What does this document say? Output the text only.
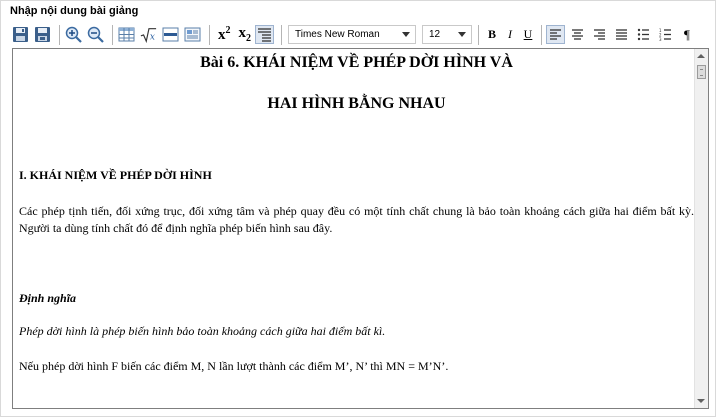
Nhập nội dung bài giảng
x	$x^2$ $x_2$	Times New Roman	12	B	I U	1
2
3	¶
Bài 6. KHÁI NIỆM VỀ PHÉP DỜI HÌNH VÀ
HAI HÌNH BẰNG NHAU
I. KHÁI NIỆM VỀ PHÉP DỜI HÌNH
Các phép tịnh tiến, đối xứng trục, đối xứng tâm và phép quay đều có một tính chất chung là bảo toàn khoảng cách giữa hai điểm bất kỳ. Người ta dùng tính chất đó để định nghĩa phép biến hình sau đây.
Định nghĩa
Phép dời hình là phép biến hình bảo toàn khoảng cách giữa hai điểm bất kì.
Nếu phép dời hình F biến các điểm M, N lần lượt thành các điểm M’, N’ thì MN = M’N’.
